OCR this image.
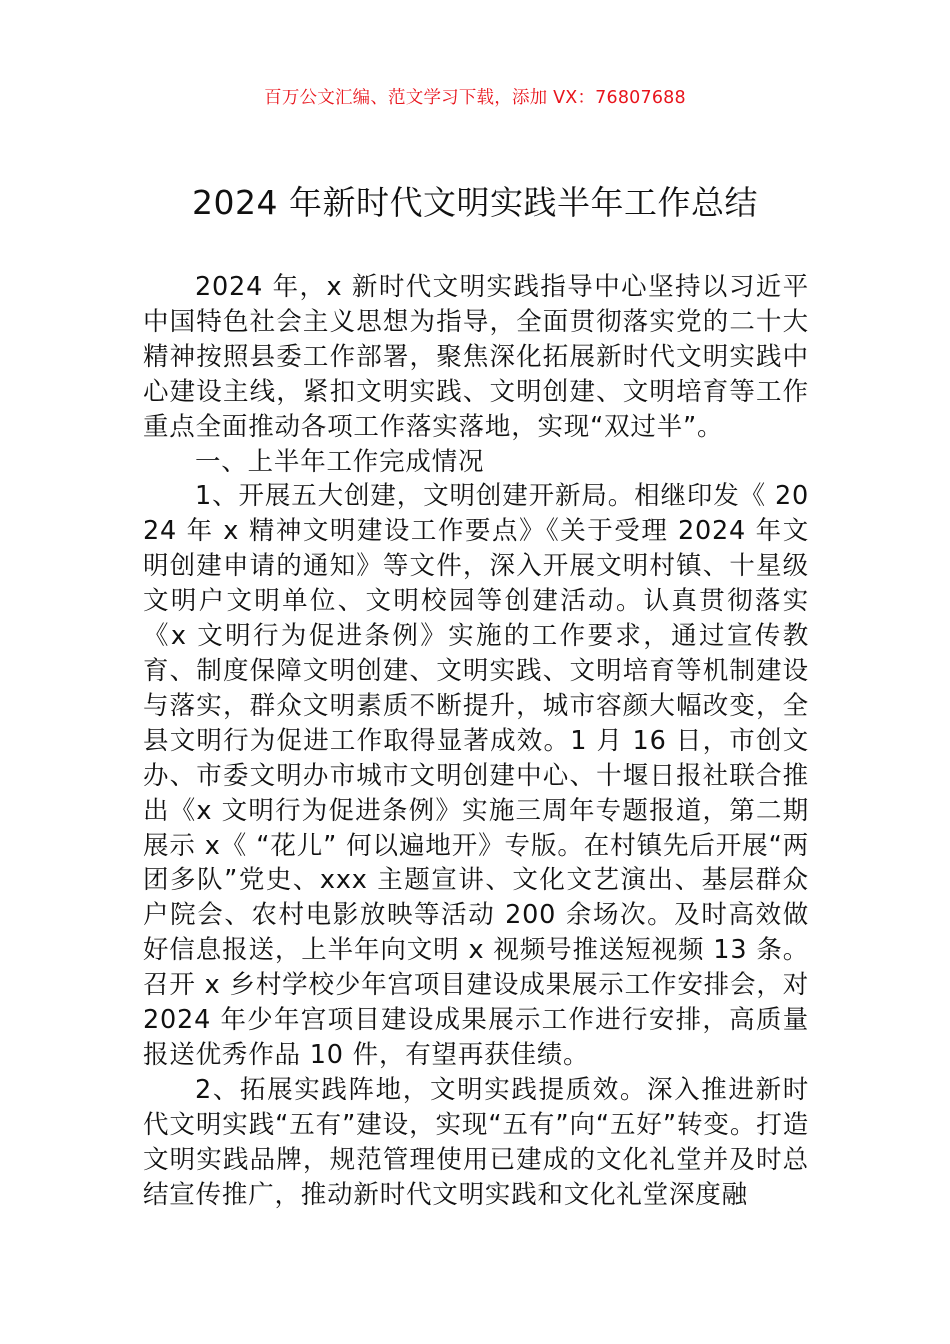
百万公文汇编、范文学习下载，添加 VX：76807688
2024 年新时代文明实践半年工作总结

2024 年，x 新时代文明实践指导中心坚持以习近平中国特色社会主义思想为指导，全面贯彻落实党的二十大精神按照县委工作部署，聚焦深化拓展新时代文明实践中心建设主线，紧扣文明实践、文明创建、文明培育等工作重点全面推动各项工作落实落地，实现“双过半”。

一、上半年工作完成情况

1、开展五大创建，文明创建开新局。相继印发《 2024 年 x 精神文明建设工作要点》《关于受理 2024 年文明创建申请的通知》等文件，深入开展文明村镇、十星级文明户文明单位、文明校园等创建活动。认真贯彻落实《x 文明行为促进条例》实施的工作要求，通过宣传教育、制度保障文明创建、文明实践、文明培育等机制建设与落实，群众文明素质不断提升，城市容颜大幅改变，全县文明行为促进工作取得显著成效。1 月 16 日，市创文办、市委文明办市城市文明创建中心、十堰日报社联合推出《x 文明行为促进条例》实施三周年专题报道，第二期展示 x《 “花儿” 何以遍地开》专版。在村镇先后开展“两团多队”党史、xxx 主题宣讲、文化文艺演出、基层群众户院会、农村电影放映等活动 200 余场次。及时高效做好信息报送，上半年向文明 x 视频号推送短视频 13 条。召开 x 乡村学校少年宫项目建设成果展示工作安排会，对 2024 年少年宫项目建设成果展示工作进行安排，高质量报送优秀作品 10 件，有望再获佳绩。

2、拓展实践阵地，文明实践提质效。深入推进新时代文明实践“五有”建设，实现“五有”向“五好”转变。打造文明实践品牌，规范管理使用已建成的文化礼堂并及时总结宣传推广，推动新时代文明实践和文化礼堂深度融
